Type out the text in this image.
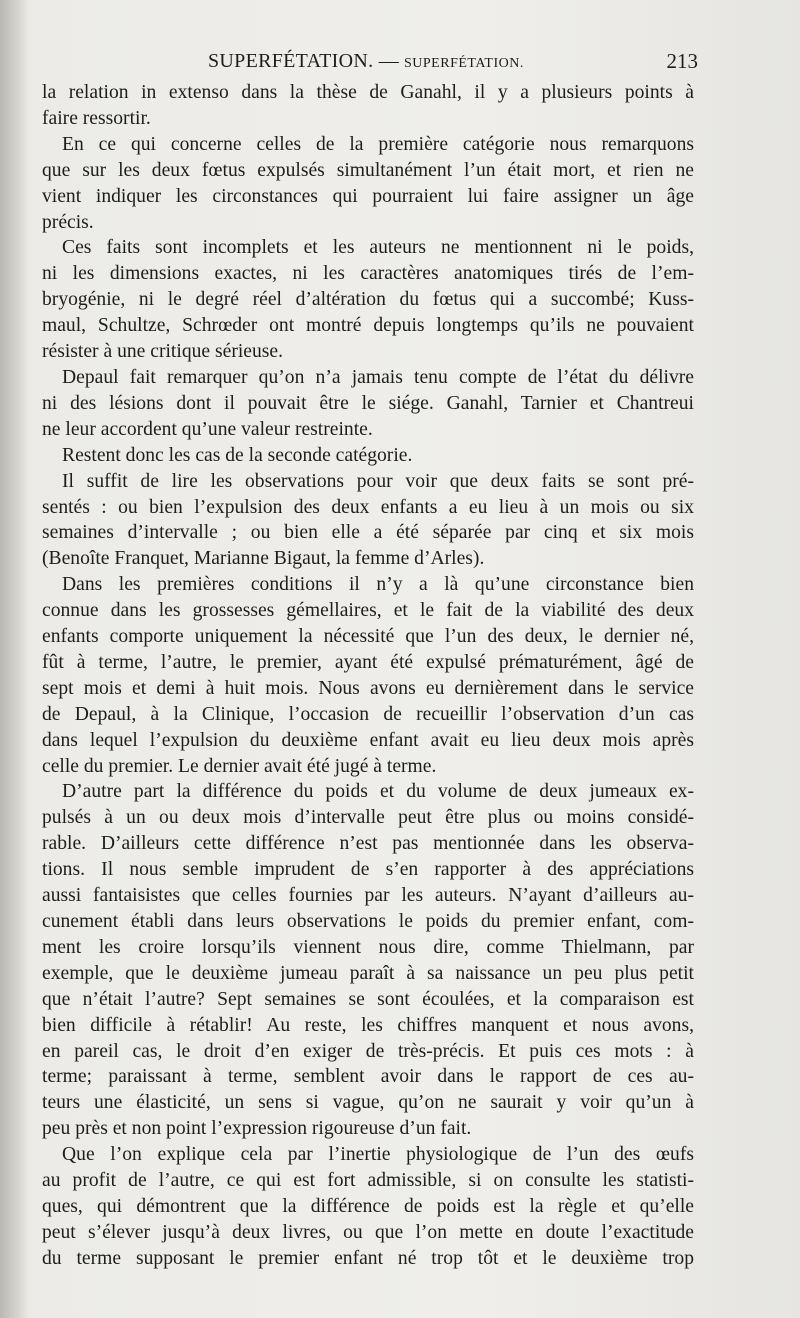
SUPERFÉTATION. — SUPERFÉTATION.	213
la relation in extenso dans la thèse de Ganahl, il y a plusieurs points à
faire ressortir.
En ce qui concerne celles de la première catégorie nous remarquons
que sur les deux fœtus expulsés simultanément l’un était mort, et rien ne
vient indiquer les circonstances qui pourraient lui faire assigner un âge
précis.
Ces faits sont incomplets et les auteurs ne mentionnent ni le poids,
ni les dimensions exactes, ni les caractères anatomiques tirés de l’em-
bryogénie, ni le degré réel d’altération du fœtus qui a succombé; Kuss-
maul, Schultze, Schrœder ont montré depuis longtemps qu’ils ne pouvaient
résister à une critique sérieuse.
Depaul fait remarquer qu’on n’a jamais tenu compte de l’état du délivre
ni des lésions dont il pouvait être le siége. Ganahl, Tarnier et Chantreui
ne leur accordent qu’une valeur restreinte.
Restent donc les cas de la seconde catégorie.
Il suffit de lire les observations pour voir que deux faits se sont pré-
sentés : ou bien l’expulsion des deux enfants a eu lieu à un mois ou six
semaines d’intervalle ; ou bien elle a été séparée par cinq et six mois
(Benoîte Franquet, Marianne Bigaut, la femme d’Arles).
Dans les premières conditions il n’y a là qu’une circonstance bien
connue dans les grossesses gémellaires, et le fait de la viabilité des deux
enfants comporte uniquement la nécessité que l’un des deux, le dernier né,
fût à terme, l’autre, le premier, ayant été expulsé prématurément, âgé de
sept mois et demi à huit mois. Nous avons eu dernièrement dans le service
de Depaul, à la Clinique, l’occasion de recueillir l’observation d’un cas
dans lequel l’expulsion du deuxième enfant avait eu lieu deux mois après
celle du premier. Le dernier avait été jugé à terme.
D’autre part la différence du poids et du volume de deux jumeaux ex-
pulsés à un ou deux mois d’intervalle peut être plus ou moins considé-
rable. D’ailleurs cette différence n’est pas mentionnée dans les observa-
tions. Il nous semble imprudent de s’en rapporter à des appréciations
aussi fantaisistes que celles fournies par les auteurs. N’ayant d’ailleurs au-
cunement établi dans leurs observations le poids du premier enfant, com-
ment les croire lorsqu’ils viennent nous dire, comme Thielmann, par
exemple, que le deuxième jumeau paraît à sa naissance un peu plus petit
que n’était l’autre? Sept semaines se sont écoulées, et la comparaison est
bien difficile à rétablir! Au reste, les chiffres manquent et nous avons,
en pareil cas, le droit d’en exiger de très-précis. Et puis ces mots : à
terme; paraissant à terme, semblent avoir dans le rapport de ces au-
teurs une élasticité, un sens si vague, qu’on ne saurait y voir qu’un à
peu près et non point l’expression rigoureuse d’un fait.
Que l’on explique cela par l’inertie physiologique de l’un des œufs
au profit de l’autre, ce qui est fort admissible, si on consulte les statisti-
ques, qui démontrent que la différence de poids est la règle et qu’elle
peut s’élever jusqu’à deux livres, ou que l’on mette en doute l’exactitude
du terme supposant le premier enfant né trop tôt et le deuxième trop
